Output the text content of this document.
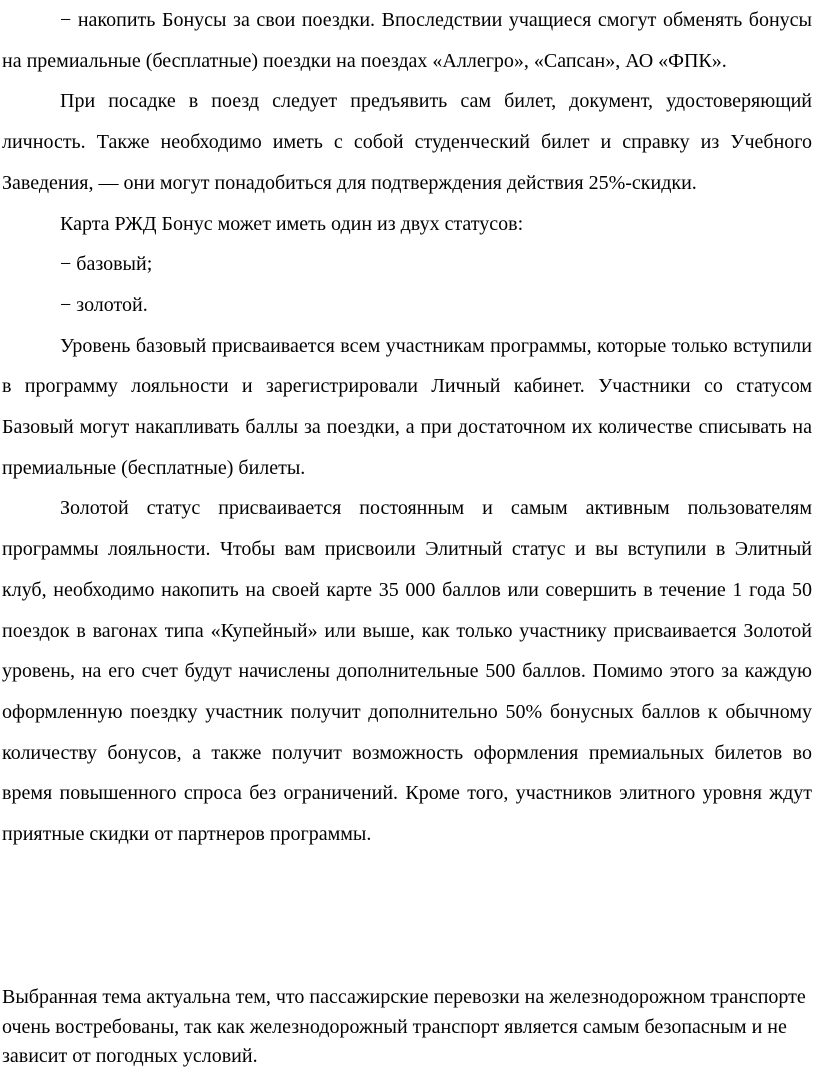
− накопить Бонусы за свои поездки. Впоследствии учащиеся смогут обменять бонусы на премиальные (бесплатные) поездки на поездах «Аллегро», «Сапсан», АО «ФПК».

При посадке в поезд следует предъявить сам билет, документ, удостоверяющий личность. Также необходимо иметь с собой студенческий билет и справку из Учебного Заведения, — они могут понадобиться для подтверждения действия 25%-скидки.

Карта РЖД Бонус может иметь один из двух статусов:

− базовый;

− золотой.

Уровень базовый присваивается всем участникам программы, которые только вступили в программу лояльности и зарегистрировали Личный кабинет. Участники со статусом Базовый могут накапливать баллы за поездки, а при достаточном их количестве списывать на премиальные (бесплатные) билеты.

Золотой статус присваивается постоянным и самым активным пользователям программы лояльности. Чтобы вам присвоили Элитный статус и вы вступили в Элитный клуб, необходимо накопить на своей карте 35 000 баллов или совершить в течение 1 года 50 поездок в вагонах типа «Купейный» или выше, как только участнику присваивается Золотой уровень, на его счет будут начислены дополнительные 500 баллов. Помимо этого за каждую оформленную поездку участник получит дополнительно 50% бонусных баллов к обычному количеству бонусов, а также получит возможность оформления премиальных билетов во время повышенного спроса без ограничений. Кроме того, участников элитного уровня ждут приятные скидки от партнеров программы.

Выбранная тема актуальна тем, что пассажирские перевозки на железнодорожном транспорте очень востребованы, так как железнодорожный транспорт является самым безопасным и не зависит от погодных условий.
